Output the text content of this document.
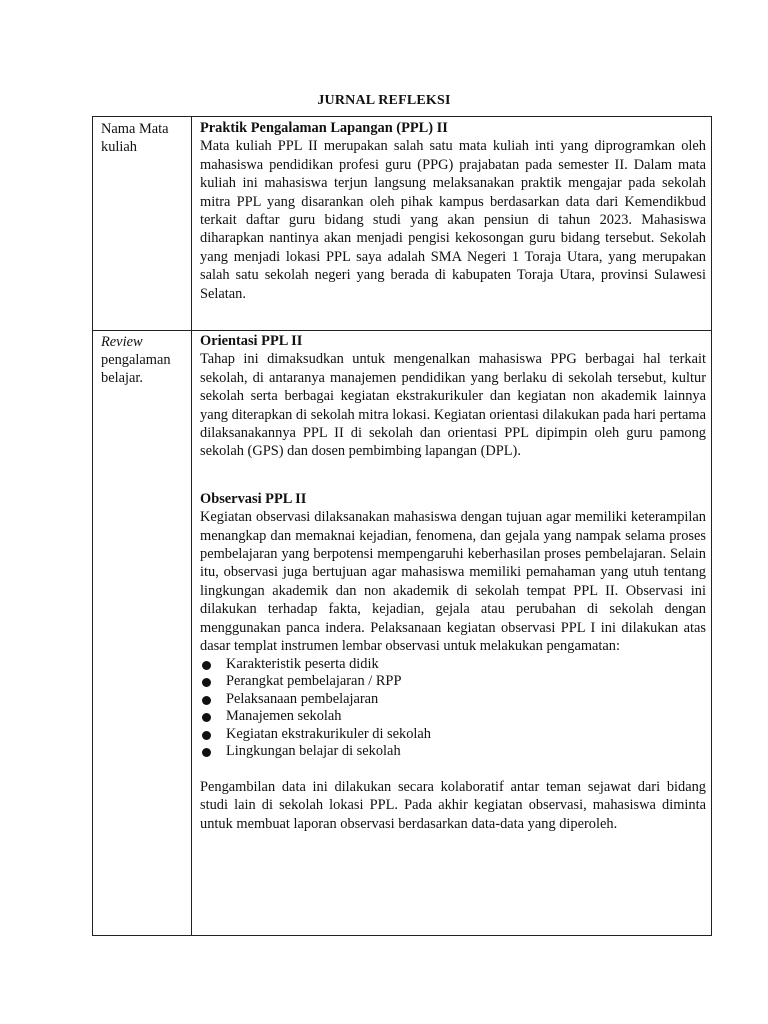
JURNAL REFLEKSI
Nama Mata kuliah
Praktik Pengalaman Lapangan (PPL) II

Mata kuliah PPL II merupakan salah satu mata kuliah inti yang diprogramkan oleh mahasiswa pendidikan profesi guru (PPG) prajabatan pada semester II. Dalam mata kuliah ini mahasiswa terjun langsung melaksanakan praktik mengajar pada sekolah mitra PPL yang disarankan oleh pihak kampus berdasarkan data dari Kemendikbud terkait daftar guru bidang studi yang akan pensiun di tahun 2023. Mahasiswa diharapkan nantinya akan menjadi pengisi kekosongan guru bidang tersebut. Sekolah yang menjadi lokasi PPL saya adalah SMA Negeri 1 Toraja Utara, yang merupakan salah satu sekolah negeri yang berada di kabupaten Toraja Utara, provinsi Sulawesi Selatan.

Review
pengalaman belajar.
Orientasi PPL II

Tahap ini dimaksudkan untuk mengenalkan mahasiswa PPG berbagai hal terkait sekolah, di antaranya manajemen pendidikan yang berlaku di sekolah tersebut, kultur sekolah serta berbagai kegiatan ekstrakurikuler dan kegiatan non akademik lainnya yang diterapkan di sekolah mitra lokasi. Kegiatan orientasi dilakukan pada hari pertama dilaksanakannya PPL II di sekolah dan orientasi PPL dipimpin oleh guru pamong sekolah (GPS) dan dosen pembimbing lapangan (DPL).

Observasi PPL II

Kegiatan observasi dilaksanakan mahasiswa dengan tujuan agar memiliki keterampilan menangkap dan memaknai kejadian, fenomena, dan gejala yang nampak selama proses pembelajaran yang berpotensi mempengaruhi keberhasilan proses pembelajaran. Selain itu, observasi juga bertujuan agar mahasiswa memiliki pemahaman yang utuh tentang lingkungan akademik dan non akademik di sekolah tempat PPL II. Observasi ini dilakukan terhadap fakta, kejadian, gejala atau perubahan di sekolah dengan menggunakan panca indera. Pelaksanaan kegiatan observasi PPL I ini dilakukan atas dasar templat instrumen lembar observasi untuk melakukan pengamatan:

Karakteristik peserta didik
Perangkat pembelajaran / RPP
Pelaksanaan pembelajaran
Manajemen sekolah
Kegiatan ekstrakurikuler di sekolah
Lingkungan belajar di sekolah

Pengambilan data ini dilakukan secara kolaboratif antar teman sejawat dari bidang studi lain di sekolah lokasi PPL. Pada akhir kegiatan observasi, mahasiswa diminta untuk membuat laporan observasi berdasarkan data-data yang diperoleh.
